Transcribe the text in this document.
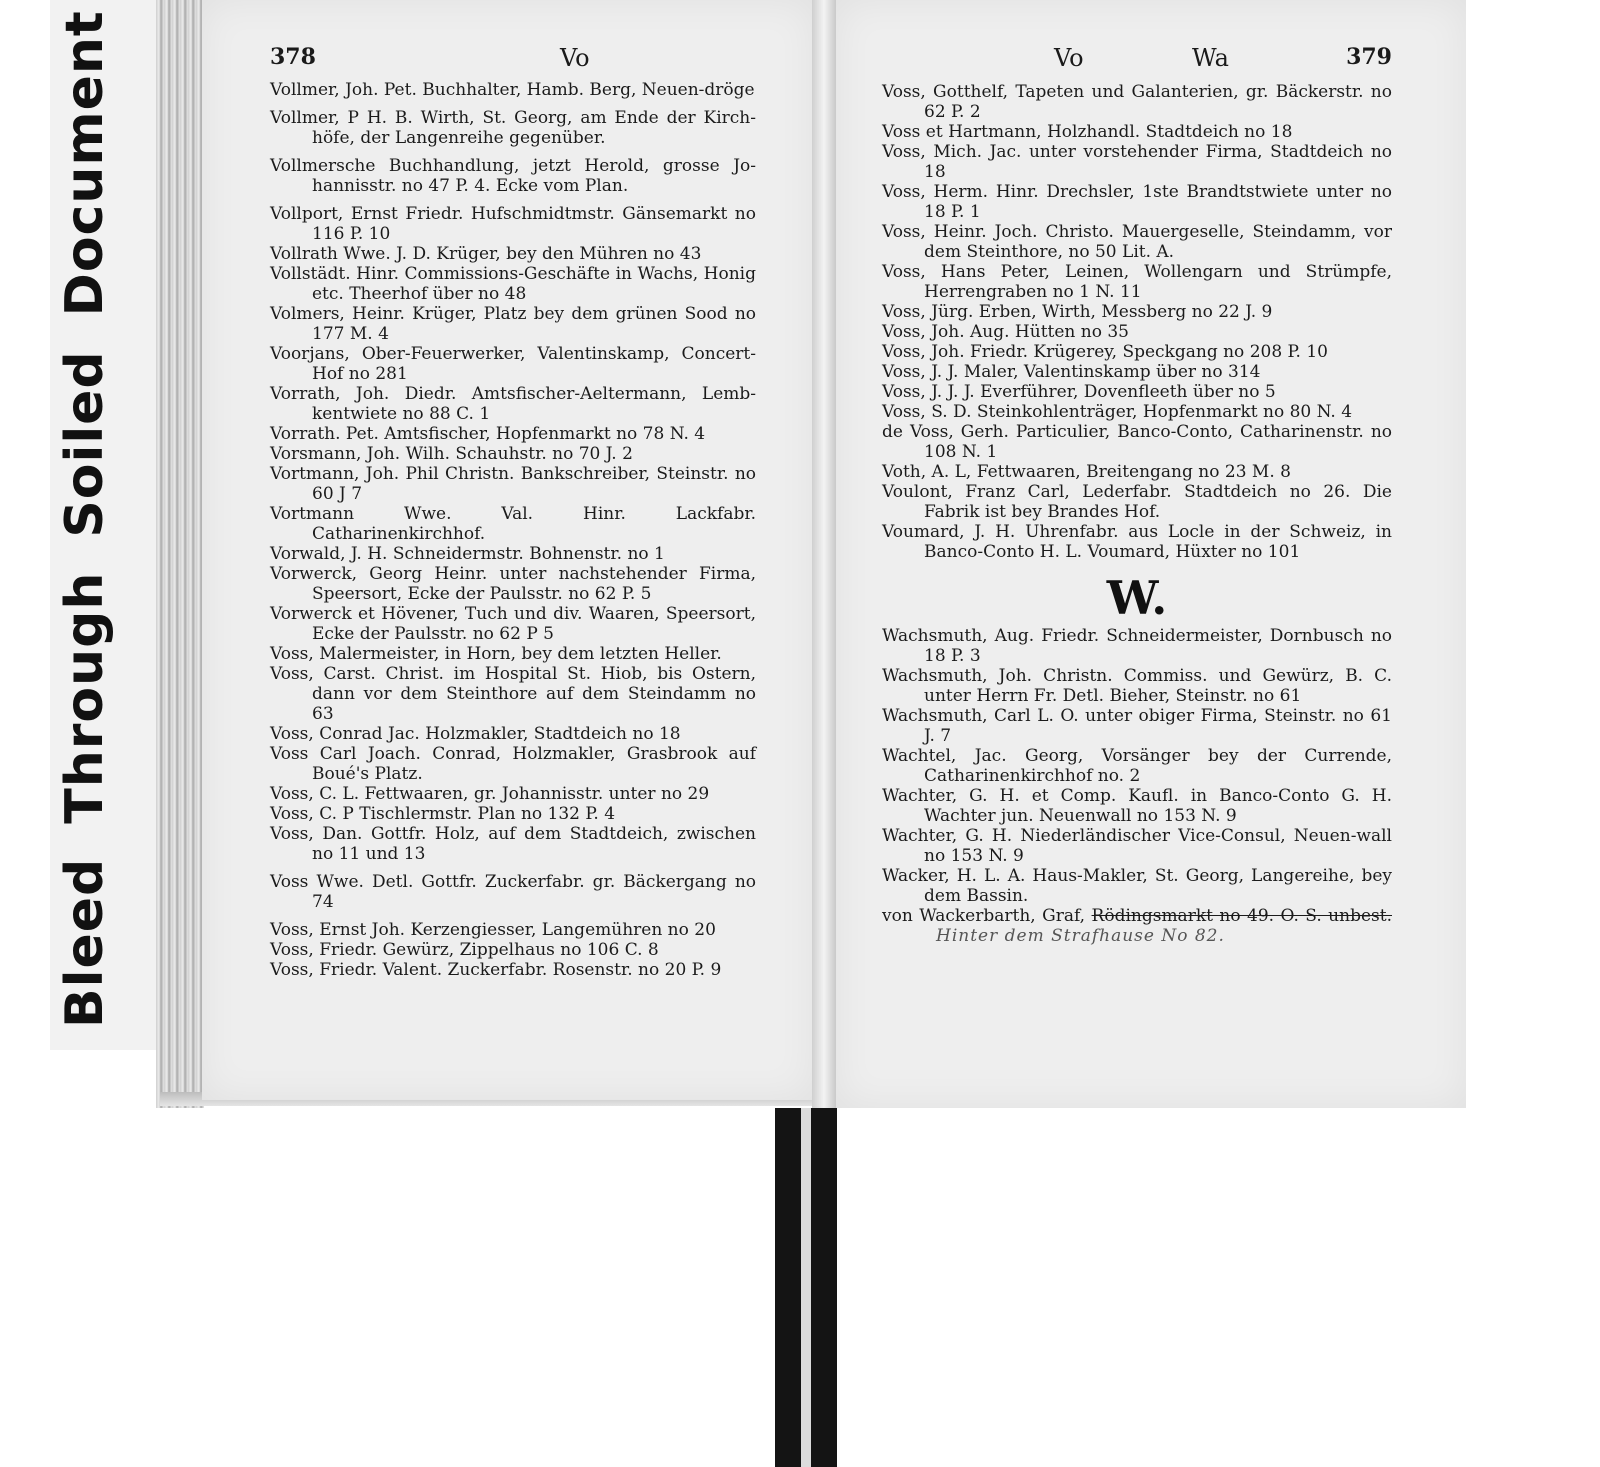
BleedThroughSoiledDocument	378	Vo
Vollmer, Joh. Pet. Buchhalter, Hamb. Berg, Neuen-dröge
Vollmer, P H. B. Wirth, St. Georg, am Ende der Kirch-höfe, der Langenreihe gegenüber.
Vollmersche Buchhandlung, jetzt Herold, grosse Jo-hannisstr. no 47 P. 4. Ecke vom Plan.
Vollport, Ernst Friedr. Hufschmidtmstr. Gänsemarkt no 116 P. 10
Vollrath Wwe. J. D. Krüger, bey den Mühren no 43
Vollstädt. Hinr. Commissions-Geschäfte in Wachs, Honig etc. Theerhof über no 48
Volmers, Heinr. Krüger, Platz bey dem grünen Sood no 177 M. 4
Voorjans, Ober-Feuerwerker, Valentinskamp, Concert-Hof no 281
Vorrath, Joh. Diedr. Amtsfischer-Aeltermann, Lemb-kentwiete no 88 C. 1
Vorrath. Pet. Amtsfischer, Hopfenmarkt no 78 N. 4
Vorsmann, Joh. Wilh. Schauhstr. no 70 J. 2
Vortmann, Joh. Phil Christn. Bankschreiber, Steinstr. no 60 J 7
Vortmann Wwe. Val. Hinr. Lackfabr. Catharinenkirchhof.
Vorwald, J. H. Schneidermstr. Bohnenstr. no 1
Vorwerck, Georg Heinr. unter nachstehender Firma, Speersort, Ecke der Paulsstr. no 62 P. 5
Vorwerck et Hövener, Tuch und div. Waaren, Speersort, Ecke der Paulsstr. no 62 P 5
Voss, Malermeister, in Horn, bey dem letzten Heller.
Voss, Carst. Christ. im Hospital St. Hiob, bis Ostern, dann vor dem Steinthore auf dem Steindamm no 63
Voss, Conrad Jac. Holzmakler, Stadtdeich no 18
Voss Carl Joach. Conrad, Holzmakler, Grasbrook auf Boué's Platz.
Voss, C. L. Fettwaaren, gr. Johannisstr. unter no 29
Voss, C. P Tischlermstr. Plan no 132 P. 4
Voss, Dan. Gottfr. Holz, auf dem Stadtdeich, zwischen no 11 und 13
Voss Wwe. Detl. Gottfr. Zuckerfabr. gr. Bäckergang no 74
Voss, Ernst Joh. Kerzengiesser, Langemühren no 20
Voss, Friedr. Gewürz, Zippelhaus no 106 C. 8
Voss, Friedr. Valent. Zuckerfabr. Rosenstr. no 20 P. 9
Vo	Wa	379
Voss, Gotthelf, Tapeten und Galanterien, gr. Bäckerstr. no 62 P. 2
Voss et Hartmann, Holzhandl. Stadtdeich no 18
Voss, Mich. Jac. unter vorstehender Firma, Stadtdeich no 18
Voss, Herm. Hinr. Drechsler, 1ste Brandtstwiete unter no 18 P. 1
Voss, Heinr. Joch. Christo. Mauergeselle, Steindamm, vor dem Steinthore, no 50 Lit. A.
Voss, Hans Peter, Leinen, Wollengarn und Strümpfe, Herrengraben no 1 N. 11
Voss, Jürg. Erben, Wirth, Messberg no 22 J. 9
Voss, Joh. Aug. Hütten no 35
Voss, Joh. Friedr. Krügerey, Speckgang no 208 P. 10
Voss, J. J. Maler, Valentinskamp über no 314
Voss, J. J. J. Everführer, Dovenfleeth über no 5
Voss, S. D. Steinkohlenträger, Hopfenmarkt no 80 N. 4
de Voss, Gerh. Particulier, Banco-Conto, Catharinenstr. no 108 N. 1
Voth, A. L, Fettwaaren, Breitengang no 23 M. 8
Voulont, Franz Carl, Lederfabr. Stadtdeich no 26. Die Fabrik ist bey Brandes Hof.
Voumard, J. H. Uhrenfabr. aus Locle in der Schweiz, in Banco-Conto H. L. Voumard, Hüxter no 101
W.
Wachsmuth, Aug. Friedr. Schneidermeister, Dornbusch no 18 P. 3
Wachsmuth, Joh. Christn. Commiss. und Gewürz, B. C. unter Herrn Fr. Detl. Bieher, Steinstr. no 61
Wachsmuth, Carl L. O. unter obiger Firma, Steinstr. no 61 J. 7
Wachtel, Jac. Georg, Vorsänger bey der Currende, Catharinenkirchhof no. 2
Wachter, G. H. et Comp. Kaufl. in Banco-Conto G. H. Wachter jun. Neuenwall no 153 N. 9
Wachter, G. H. Niederländischer Vice-Consul, Neuen-wall no 153 N. 9
Wacker, H. L. A. Haus-Makler, St. Georg, Langereihe, bey dem Bassin.
von Wackerbarth, Graf, Rödingsmarkt no 49. O. S. unbest. Hinter dem Strafhause No 82.
